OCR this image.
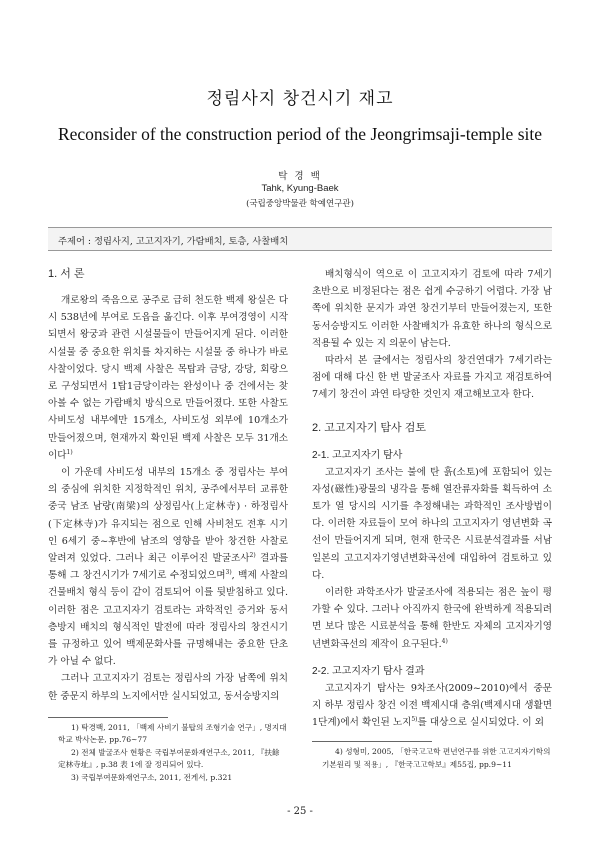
정림사지 창건시기 재고
Reconsider of the construction period of the Jeongrimsaji-temple site
탁 경 백
Tahk, Kyung-Baek
(국립중앙박물관 학예연구관)
주제어 : 정림사지, 고고지자기, 가람배치, 토층, 사찰배치
1. 서 론

개로왕의 죽음으로 공주로 급히 천도한 백제 왕실은 다시 538년에 부여로 도읍을 옮긴다. 이후 부여경영이 시작되면서 왕궁과 관련 시설물들이 만들어지게 된다. 이러한 시설물 중 중요한 위치를 차지하는 시설물 중 하나가 바로 사찰이었다. 당시 백제 사찰은 목탑과 금당, 강당, 회랑으로 구성되면서 1탑1금당이라는 완성이나 중 건에서는 찾아볼 수 없는 가람배치 방식으로 만들어졌다. 또한 사찰도 사비도성 내부에만 15개소, 사비도성 외부에 10개소가 만들어졌으며, 현재까지 확인된 백제 사찰은 모두 31개소이다$^{1)}$

이 가운데 사비도성 내부의 15개소 중 정림사는 부여의 중심에 위치한 지정학적인 위치, 공주에서부터 교류한 중국 남조 남량(南梁)의 상정림사(上定林寺) · 하정림사(下定林寺)가 유지되는 점으로 인해 사비천도 전후 시기인 6세기 중~후반에 남조의 영향을 받아 창건한 사찰로 알려져 있었다. 그러나 최근 이루어진 발굴조사$^{2)}$ 결과를 통해 그 창건시기가 7세기로 수정되었으며$^{3)}$, 백제 사찰의 건물배치 형식 등이 같이 검토되어 이를 뒷받침하고 있다. 이러한 점은 고고지자기 검토라는 과학적인 증거와 동서층방지 배치의 형식적인 발전에 따라 정림사의 창건시기를 규정하고 있어 백제문화사를 규명해내는 중요한 단초가 아닐 수 없다.

그러나 고고지자기 검토는 정림사의 가장 남쪽에 위치한 중문지 하부의 노지에서만 실시되었고, 동서승방지의

1) 탁경백, 2011, 「백제 사비기 불탑의 조형기술 연구」, 명지대학교 박사논문, pp.76~77

2) 전체 발굴조사 현황은 국립부여문화재연구소, 2011, 『扶餘 定林寺址』, p.38 表 1에 잘 정리되어 있다.

3) 국립부여문화재연구소, 2011, 전게서, p.321

배치형식이 역으로 이 고고지자기 검토에 따라 7세기 초반으로 비정된다는 점은 쉽게 수긍하기 어렵다. 가장 남쪽에 위치한 문지가 과연 창건기부터 만들어졌는지, 또한 동서승방지도 이러한 사찰배치가 유효한 하나의 형식으로 적용될 수 있는 지 의문이 남는다.

따라서 본 글에서는 정림사의 창건연대가 7세기라는 점에 대해 다신 한 번 발굴조사 자료를 가지고 재검토하여 7세기 창건이 과연 타당한 것인지 재고해보고자 한다.

2. 고고지자기 탐사 검토
2-1. 고고지자기 탐사

고고지자기 조사는 불에 탄 흙(소토)에 포함되어 있는 자성(磁性)광물의 냉각을 통해 열잔류자화를 획득하여 소토가 열 당시의 시기를 추정해내는 과학적인 조사방법이다. 이러한 자료들이 모여 하나의 고고지자기 영년변화 곡선이 만들어지게 되며, 현재 한국은 시료분석결과를 서남일본의 고고지자기영년변화곡선에 대입하여 검토하고 있다.

이러한 과학조사가 발굴조사에 적용되는 점은 높이 평가할 수 있다. 그러나 아직까지 한국에 완벽하게 적용되려면 보다 많은 시료분석을 통해 한반도 자체의 고지자기영년변화곡선의 제작이 요구된다.$^{4)}$

2-2. 고고지자기 탐사 결과

고고지자기 탐사는 9차조사(2009~2010)에서 중문지 하부 정림사 창건 이전 백제시대 층위(백제시대 생활면 1단계)에서 확인된 노지$^{5)}$를 대상으로 실시되었다. 이 외

4) 성형미, 2005, 「한국고고학 편년연구를 위한 고고지자기학의 기본원리 및 적용」, 『한국고고학보』제55집, pp.9~11

- 25 -
